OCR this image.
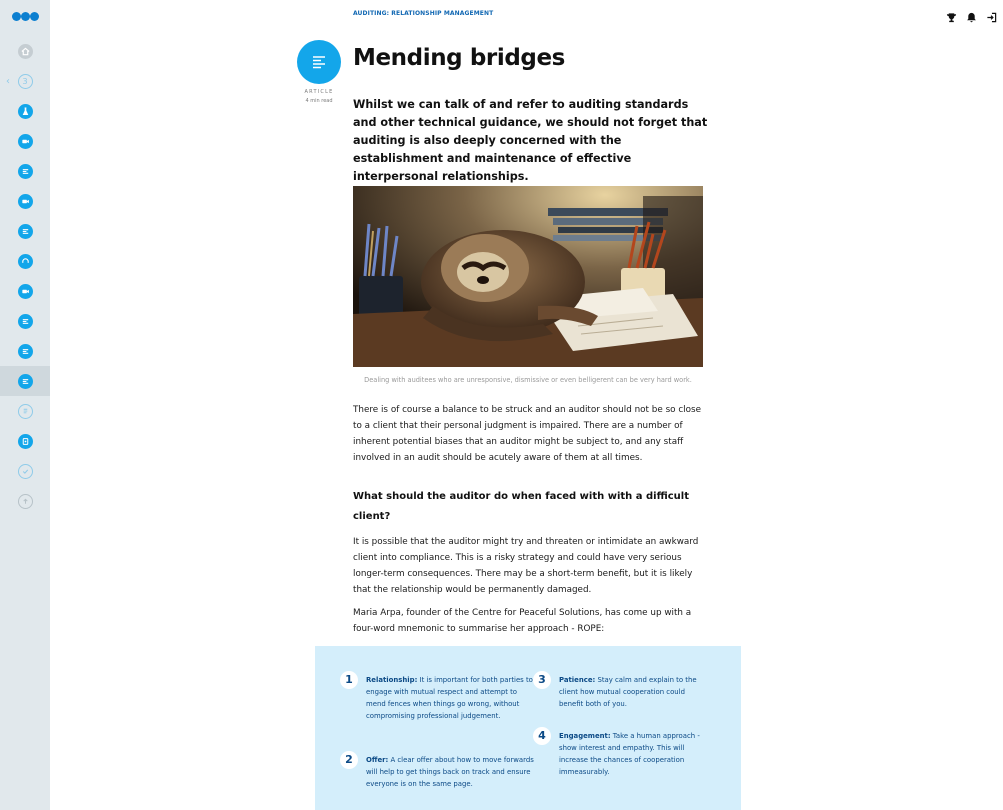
‹	3
AUDITING: RELATIONSHIP MANAGEMENT
ARTICLE
4 min read
Mending bridges

Whilst we can talk of and refer to auditing standards and other technical guidance, we should not forget that auditing is also deeply concerned with the establishment and maintenance of effective interpersonal relationships.

Dealing with auditees who are unresponsive, dismissive or even belligerent can be very hard work.

There is of course a balance to be struck and an auditor should not be so close to a client that their personal judgment is impaired. There are a number of inherent potential biases that an auditor might be subject to, and any staff involved in an audit should be acutely aware of them at all times.

What should the auditor do when faced with with a difficult client?

It is possible that the auditor might try and threaten or intimidate an awkward client into compliance. This is a risky strategy and could have very serious longer-term consequences. There may be a short-term benefit, but it is likely that the relationship would be permanently damaged.

Maria Arpa, founder of the Centre for Peaceful Solutions, has come up with a four-word mnemonic to summarise her approach - ROPE:

1	Relationship: It is important for both parties to engage with mutual respect and attempt to mend fences when things go wrong, without compromising professional judgement.
2	Offer: A clear offer about how to move forwards will help to get things back on track and ensure everyone is on the same page.
3	Patience: Stay calm and explain to the client how mutual cooperation could benefit both of you.
4	Engagement: Take a human approach - show interest and empathy. This will increase the chances of cooperation immeasurably.
